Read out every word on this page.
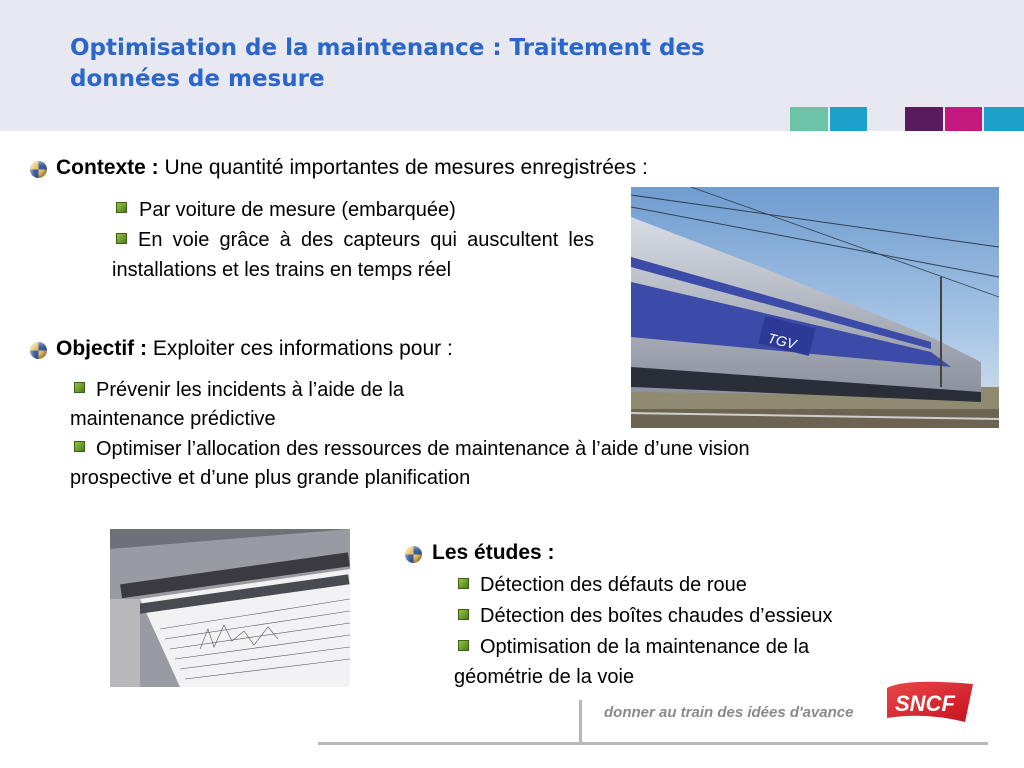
Optimisation de la maintenance : Traitement des
données de mesure
Contexte : Une quantité importantes de mesures enregistrées :
Par voiture de mesure (embarquée)
En voie grâce à des capteurs qui auscultent les installations et les trains en temps réel
Objectif : Exploiter ces informations pour :
Prévenir les incidents à l’aide de la
maintenance prédictive
Optimiser l’allocation des ressources de maintenance à l’aide d’une vision
prospective et d’une plus grande planification
TGV
Les études :
Détection des défauts de roue
Détection des boîtes chaudes d’essieux
Optimisation de la maintenance de la
géométrie de la voie
donner au train des idées d'avance SNCF
